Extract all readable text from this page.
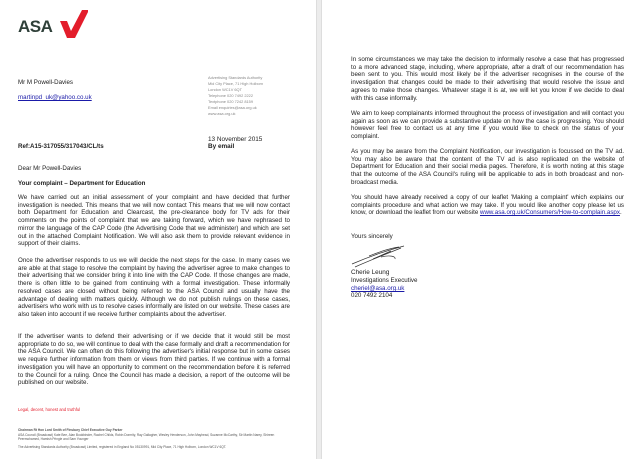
ASA
Mr M Powell-Davies
martinpd_uk@yahoo.co.uk
Advertising Standards Authority
Mid City Place, 71 High Holborn
London WC1V 6QT
Telephone 020 7492 2222
Textphone 020 7242 8159
Email enquiries@asa.org.uk
www.asa.org.uk
13 November 2015
By email
Ref:A15-317055/317043/CL/ts
Dear Mr Powell-Davies
Your complaint – Department for Education
We have carried out an initial assessment of your complaint and have decided that further investigation is needed. This means that we will now contact This means that we will now contact both Department for Education and Clearcast, the pre-clearance body for TV ads for their comments on the points of complaint that we are taking forward, which we have rephrased to mirror the language of the CAP Code (the Advertising Code that we administer) and which are set out in the attached Complaint Notification. We will also ask them to provide relevant evidence in support of their claims.
Once the advertiser responds to us we will decide the next steps for the case. In many cases we are able at that stage to resolve the complaint by having the advertiser agree to make changes to their advertising that we consider bring it into line with the CAP Code. If those changes are made, there is often little to be gained from continuing with a formal investigation. These informally resolved cases are closed without being referred to the ASA Council and usually have the advantage of dealing with matters quickly. Although we do not publish rulings on these cases, advertisers who work with us to resolve cases informally are listed on our website. These cases are also taken into account if we receive further complaints about the advertiser.
If the advertiser wants to defend their advertising or if we decide that it would still be most appropriate to do so, we will continue to deal with the case formally and draft a recommendation for the ASA Council. We can often do this following the advertiser's initial response but in some cases we require further information from them or views from third parties. If we continue with a formal investigation you will have an opportunity to comment on the recommendation before it is referred to the Council for a ruling. Once the Council has made a decision, a report of the outcome will be published on our website.
Legal, decent, honest and truthful
Chairman Rt Hon Lord Smith of Finsbury Chief Executive Guy Parker
ASA Council (Broadcast) Kate Bee, Alan Bookbinder, Rachel Childs, Robin Dormity, Ray Gallagher, Wesley Henderson, John Mayhead, Suzanne McCarthy, Sir Martin Narey, Shireen Peermohamed, Hamish Pringle and Sam Younger
The Advertising Standards Authority (Broadcast) Limited, registered in England No 05130991, Mid City Place, 71 High Holborn, London WC1V 6QT.
In some circumstances we may take the decision to informally resolve a case that has progressed to a more advanced stage, including, where appropriate, after a draft of our recommendation has been sent to you. This would most likely be if the advertiser recognises in the course of the investigation that changes could be made to their advertising that would resolve the issue and agrees to make those changes. Whatever stage it is at, we will let you know if we decide to deal with this case informally.
We aim to keep complainants informed throughout the process of investigation and will contact you again as soon as we can provide a substantive update on how the case is progressing. You should however feel free to contact us at any time if you would like to check on the status of your complaint.
As you may be aware from the Complaint Notification, our investigation is focussed on the TV ad. You may also be aware that the content of the TV ad is also replicated on the website of Department for Education and their social media pages. Therefore, it is worth noting at this stage that the outcome of the ASA Council's ruling will be applicable to ads in both broadcast and non-broadcast media.
You should have already received a copy of our leaflet 'Making a complaint' which explains our complaints procedure and what action we may take. If you would like another copy please let us know, or download the leaflet from our website www.asa.org.uk/Consumers/How-to-complain.aspx.
Yours sincerely
Cherie Leung
Investigations Executive
cheriel@asa.org.uk
020 7492 2104
